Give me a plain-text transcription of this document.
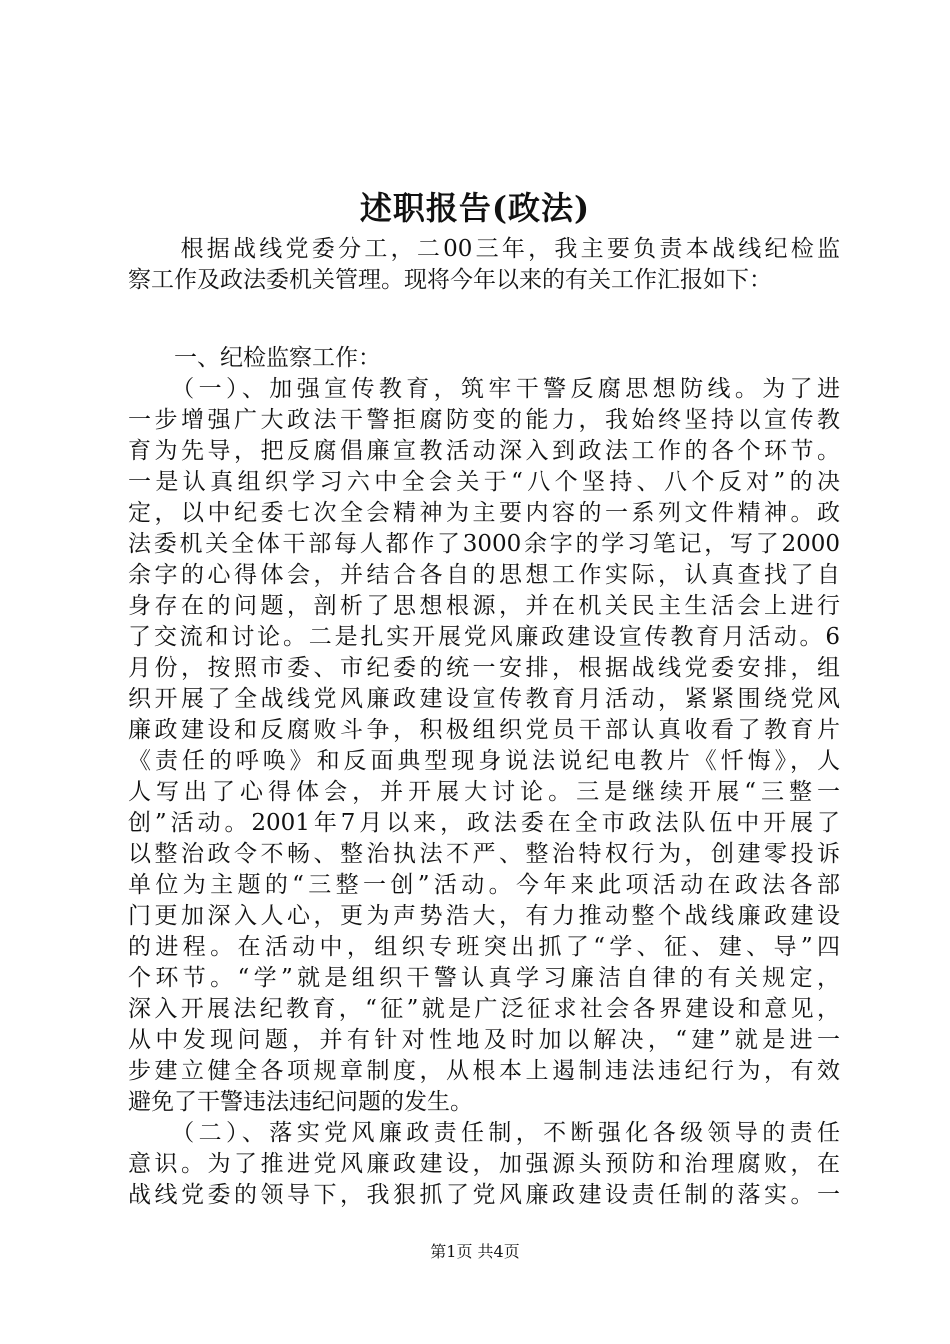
述职报告(政法)
　　根据战线党委分工，二00三年，我主要负责本战线纪检监
察工作及政法委机关管理。现将今年以来的有关工作汇报如下：
　　一、纪检监察工作：
　　（一）、加强宣传教育，筑牢干警反腐思想防线。为了进
一步增强广大政法干警拒腐防变的能力，我始终坚持以宣传教
育为先导，把反腐倡廉宣教活动深入到政法工作的各个环节。
一是认真组织学习六中全会关于“八个坚持、八个反对”的决
定，以中纪委七次全会精神为主要内容的一系列文件精神。政
法委机关全体干部每人都作了3000余字的学习笔记，写了2000
余字的心得体会，并结合各自的思想工作实际，认真查找了自
身存在的问题，剖析了思想根源，并在机关民主生活会上进行
了交流和讨论。二是扎实开展党风廉政建设宣传教育月活动。6
月份，按照市委、市纪委的统一安排，根据战线党委安排，组
织开展了全战线党风廉政建设宣传教育月活动，紧紧围绕党风
廉政建设和反腐败斗争，积极组织党员干部认真收看了教育片
《责任的呼唤》和反面典型现身说法说纪电教片《忏悔》，人
人写出了心得体会，并开展大讨论。三是继续开展“三整一
创”活动。2001年7月以来，政法委在全市政法队伍中开展了
以整治政令不畅、整治执法不严、整治特权行为，创建零投诉
单位为主题的“三整一创”活动。今年来此项活动在政法各部
门更加深入人心，更为声势浩大，有力推动整个战线廉政建设
的进程。在活动中，组织专班突出抓了“学、征、建、导”四
个环节。“学”就是组织干警认真学习廉洁自律的有关规定，
深入开展法纪教育，“征”就是广泛征求社会各界建设和意见，
从中发现问题，并有针对性地及时加以解决，“建”就是进一
步建立健全各项规章制度，从根本上遏制违法违纪行为，有效
避免了干警违法违纪问题的发生。
　　（二）、落实党风廉政责任制，不断强化各级领导的责任
意识。为了推进党风廉政建设，加强源头预防和治理腐败，在
战线党委的领导下，我狠抓了党风廉政建设责任制的落实。一
第1页 共4页
